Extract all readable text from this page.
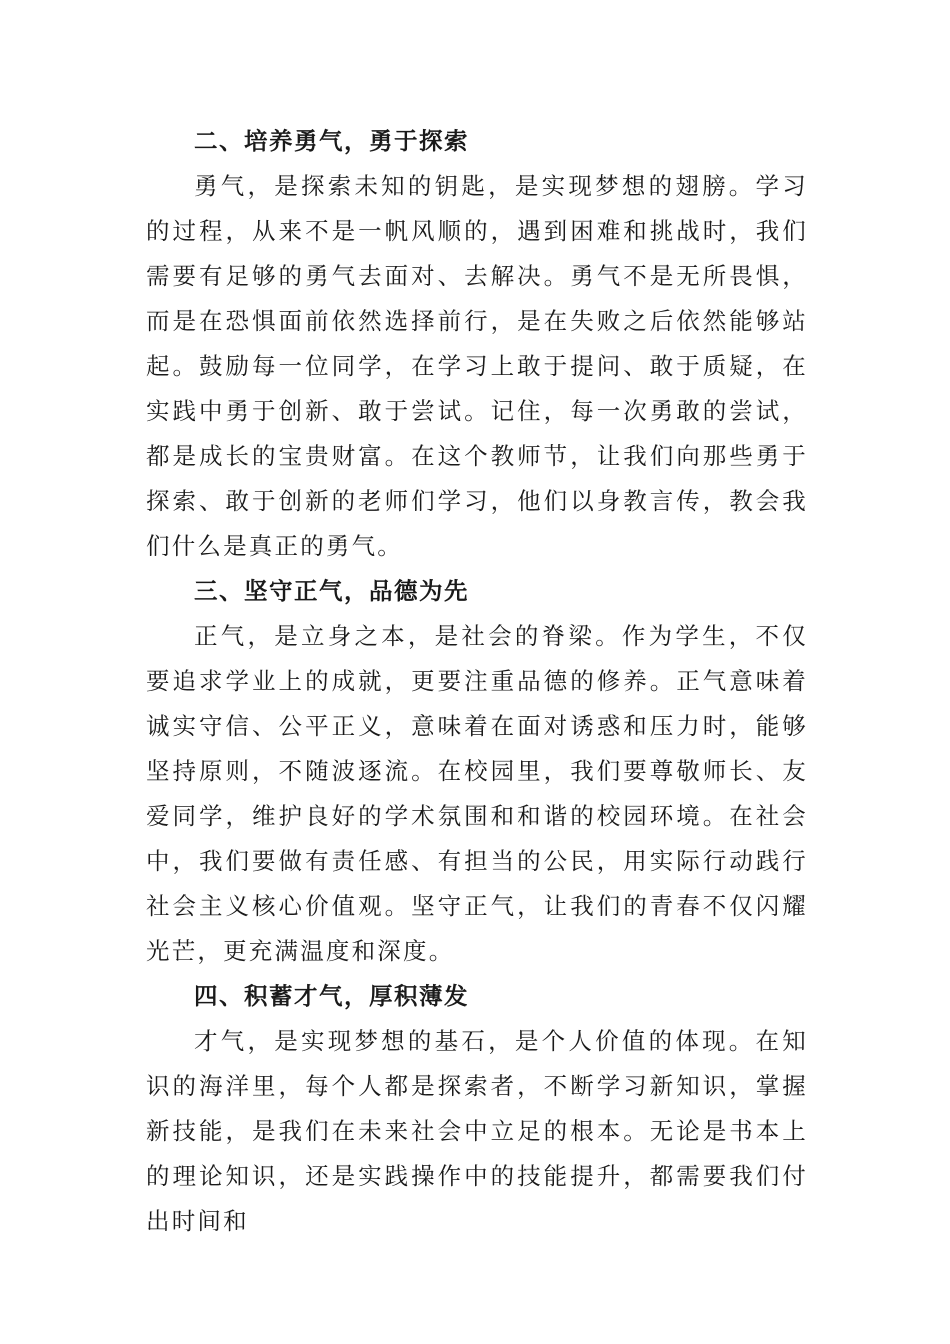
二、培养勇气，勇于探索

勇气，是探索未知的钥匙，是实现梦想的翅膀。学习的过程，从来不是一帆风顺的，遇到困难和挑战时，我们需要有足够的勇气去面对、去解决。勇气不是无所畏惧，而是在恐惧面前依然选择前行，是在失败之后依然能够站起。鼓励每一位同学，在学习上敢于提问、敢于质疑，在实践中勇于创新、敢于尝试。记住，每一次勇敢的尝试，都是成长的宝贵财富。在这个教师节，让我们向那些勇于探索、敢于创新的老师们学习，他们以身教言传，教会我们什么是真正的勇气。

三、坚守正气，品德为先

正气，是立身之本，是社会的脊梁。作为学生，不仅要追求学业上的成就，更要注重品德的修养。正气意味着诚实守信、公平正义，意味着在面对诱惑和压力时，能够坚持原则，不随波逐流。在校园里，我们要尊敬师长、友爱同学，维护良好的学术氛围和和谐的校园环境。在社会中，我们要做有责任感、有担当的公民，用实际行动践行社会主义核心价值观。坚守正气，让我们的青春不仅闪耀光芒，更充满温度和深度。

四、积蓄才气，厚积薄发

才气，是实现梦想的基石，是个人价值的体现。在知识的海洋里，每个人都是探索者，不断学习新知识，掌握新技能，是我们在未来社会中立足的根本。无论是书本上的理论知识，还是实践操作中的技能提升，都需要我们付出时间和
